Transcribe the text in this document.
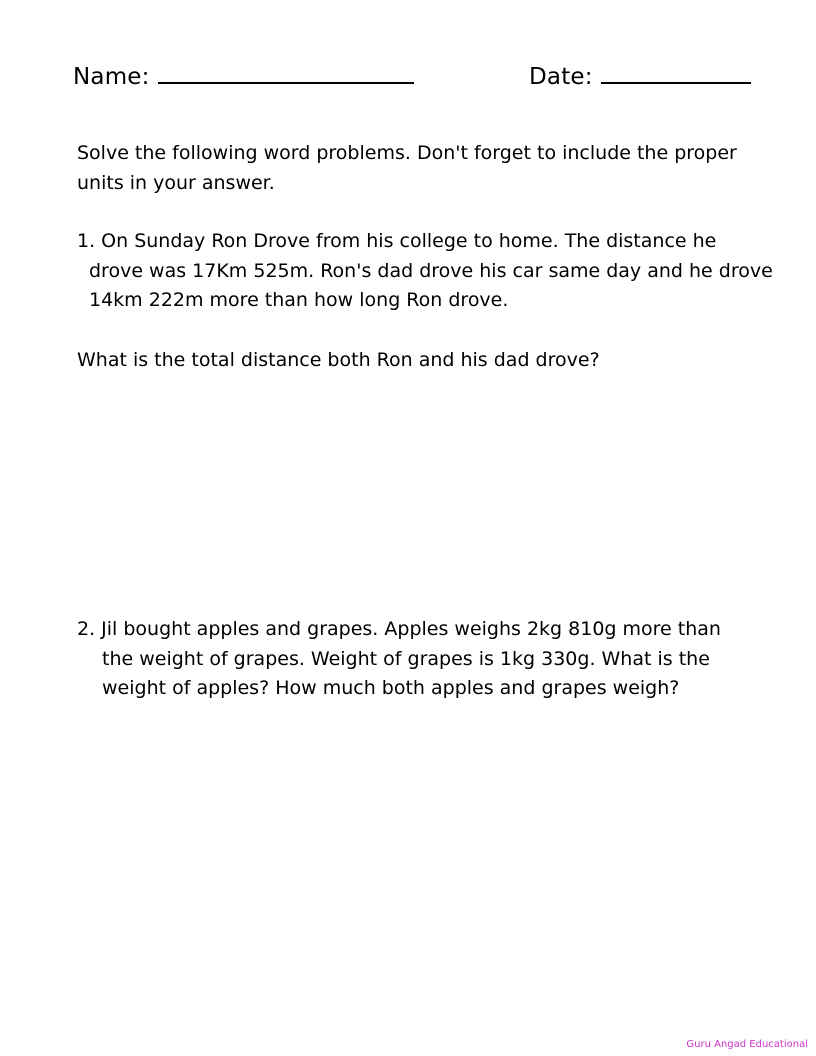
Name:	Date:
Solve the following word problems. Don't forget to include the proper
units in your answer.
1. On Sunday Ron Drove from his college to home. The distance he
drove was 17Km 525m. Ron's dad drove his car same day and he drove
14km 222m more than how long Ron drove.
What is the total distance both Ron and his dad drove?
2. Jil bought apples and grapes. Apples weighs 2kg 810g more than
the weight of grapes. Weight of grapes is 1kg 330g. What is the
weight of apples? How much both apples and grapes weigh?
Guru Angad Educational
